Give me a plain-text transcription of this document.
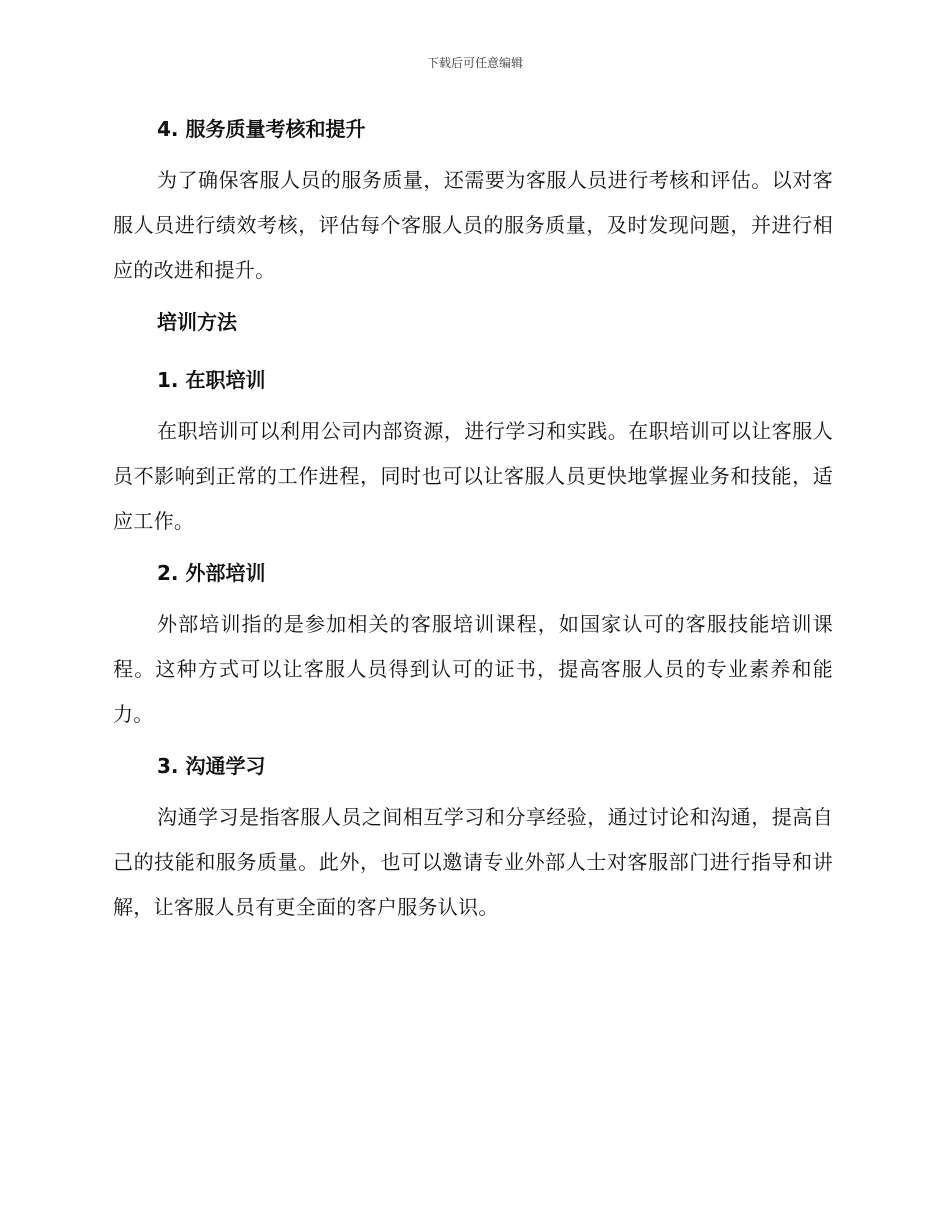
下载后可任意编辑
4. 服务质量考核和提升

为了确保客服人员的服务质量，还需要为客服人员进行考核和评估。以对客服人员进行绩效考核，评估每个客服人员的服务质量，及时发现问题，并进行相应的改进和提升。

培训方法
1. 在职培训

在职培训可以利用公司内部资源，进行学习和实践。在职培训可以让客服人员不影响到正常的工作进程，同时也可以让客服人员更快地掌握业务和技能，适应工作。

2. 外部培训

外部培训指的是参加相关的客服培训课程，如国家认可的客服技能培训课程。这种方式可以让客服人员得到认可的证书，提高客服人员的专业素养和能力。

3. 沟通学习

沟通学习是指客服人员之间相互学习和分享经验，通过讨论和沟通，提高自己的技能和服务质量。此外，也可以邀请专业外部人士对客服部门进行指导和讲解，让客服人员有更全面的客户服务认识。
